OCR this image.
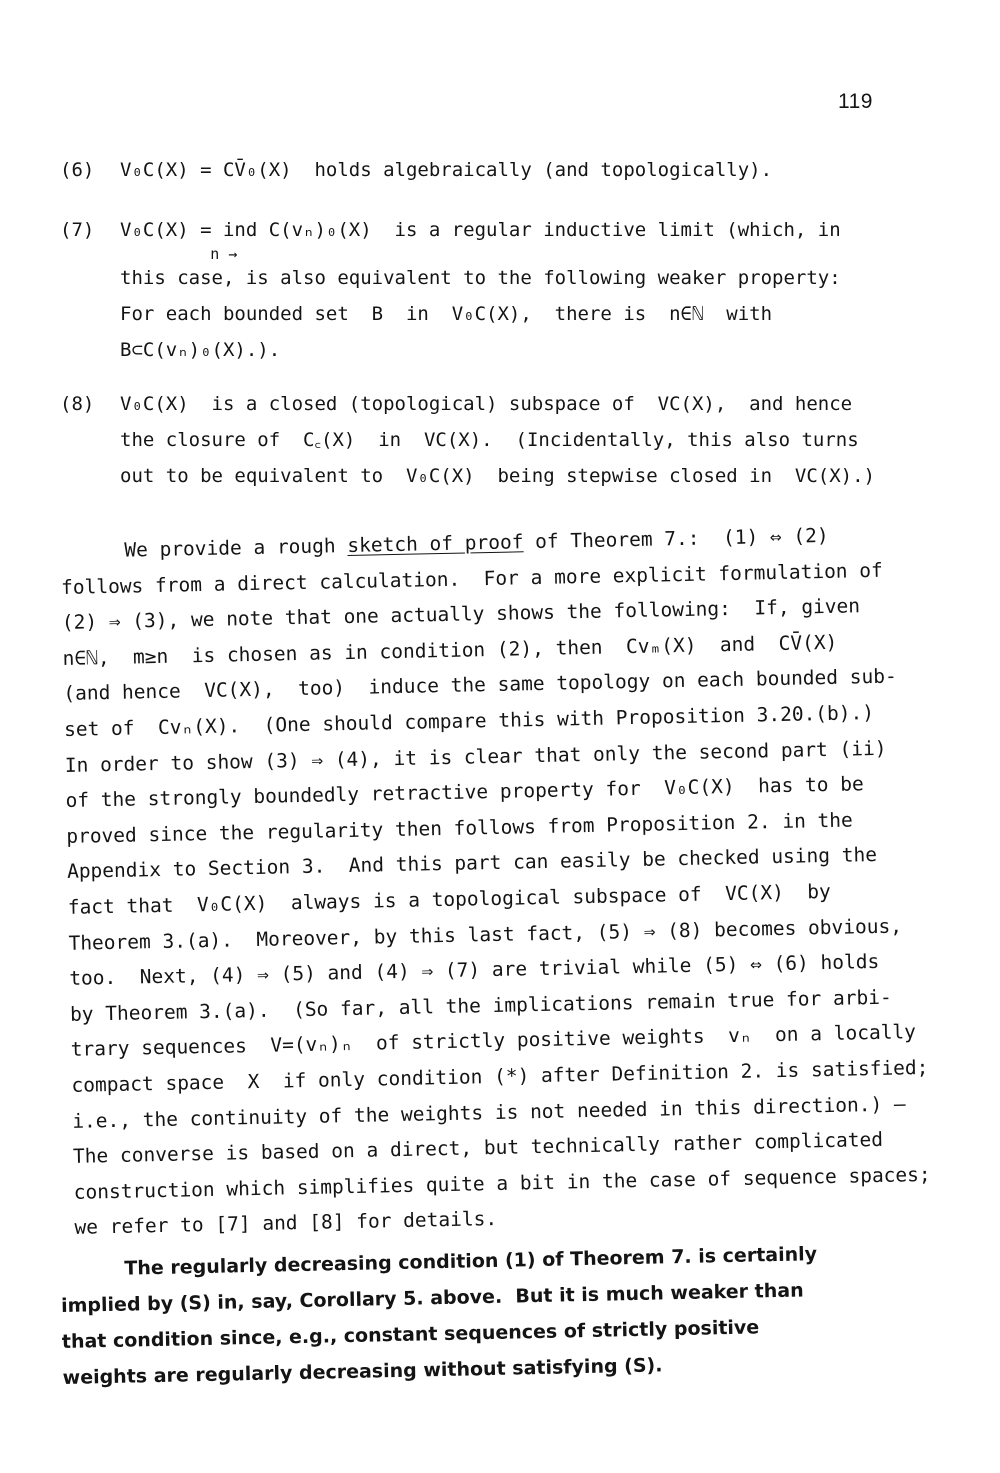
119
(6) V₀C(X) = CV̄₀(X)  holds algebraically (and topologically).
(7) V₀C(X) = ind C(vₙ)₀(X)  is a regular inductive limit (which, in
n →
this case, is also equivalent to the following weaker property:
For each bounded set  B  in  V₀C(X),  there is  n∈ℕ  with
B⊂C(vₙ)₀(X).).
(8) V₀C(X)  is a closed (topological) subspace of  VC(X),  and hence
the closure of  C꜀(X)  in  VC(X).  (Incidentally, this also turns
out to be equivalent to  V₀C(X)  being stepwise closed in  VC(X).)
We provide a rough sketch of proof of Theorem 7.:  (1) ⇔ (2)
follows from a direct calculation.  For a more explicit formulation of
(2) ⇒ (3), we note that one actually shows the following:  If, given
n∈ℕ,  m≥n  is chosen as in condition (2), then  Cvₘ(X)  and  CV̄(X)
(and hence  VC(X),  too)  induce the same topology on each bounded sub-
set of  Cvₙ(X).  (One should compare this with Proposition 3.20.(b).)
In order to show (3) ⇒ (4), it is clear that only the second part (ii)
of the strongly boundedly retractive property for  V₀C(X)  has to be
proved since the regularity then follows from Proposition 2. in the
Appendix to Section 3.  And this part can easily be checked using the
fact that  V₀C(X)  always is a topological subspace of  VC(X)  by
Theorem 3.(a).  Moreover, by this last fact, (5) ⇒ (8) becomes obvious,
too.  Next, (4) ⇒ (5) and (4) ⇒ (7) are trivial while (5) ⇔ (6) holds
by Theorem 3.(a).  (So far, all the implications remain true for arbi-
trary sequences  V=(vₙ)ₙ  of strictly positive weights  vₙ  on a locally
compact space  X  if only condition (*) after Definition 2. is satisfied;
i.e., the continuity of the weights is not needed in this direction.) —
The converse is based on a direct, but technically rather complicated
construction which simplifies quite a bit in the case of sequence spaces;
we refer to [7] and [8] for details.
The regularly decreasing condition (1) of Theorem 7. is certainly
implied by (S) in, say, Corollary 5. above.  But it is much weaker than
that condition since, e.g., constant sequences of strictly positive
weights are regularly decreasing without satisfying (S).
